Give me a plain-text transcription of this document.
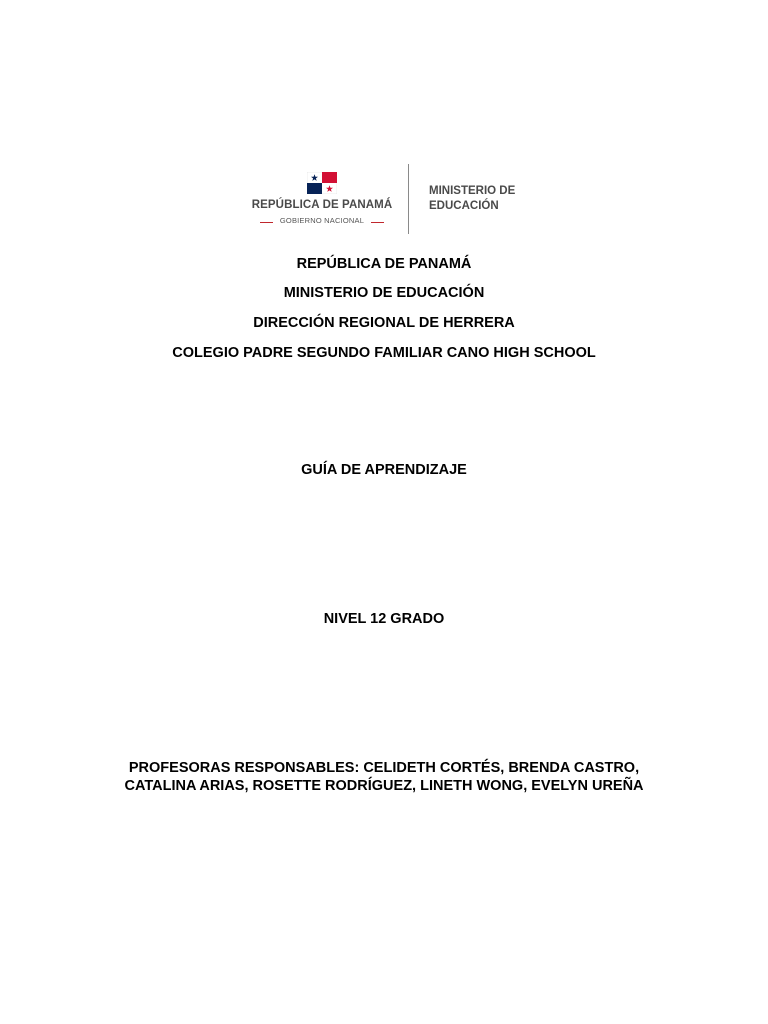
REPÚBLICA DE PANAMÁ
GOBIERNO NACIONAL
MINISTERIO DE
EDUCACIÓN
REPÚBLICA DE PANAMÁ
MINISTERIO DE EDUCACIÓN
DIRECCIÓN REGIONAL DE HERRERA
COLEGIO PADRE SEGUNDO FAMILIAR CANO HIGH SCHOOL
GUÍA DE APRENDIZAJE
NIVEL 12 GRADO
PROFESORAS RESPONSABLES: CELIDETH CORTÉS, BRENDA CASTRO,
CATALINA ARIAS, ROSETTE RODRÍGUEZ, LINETH WONG, EVELYN UREÑA
